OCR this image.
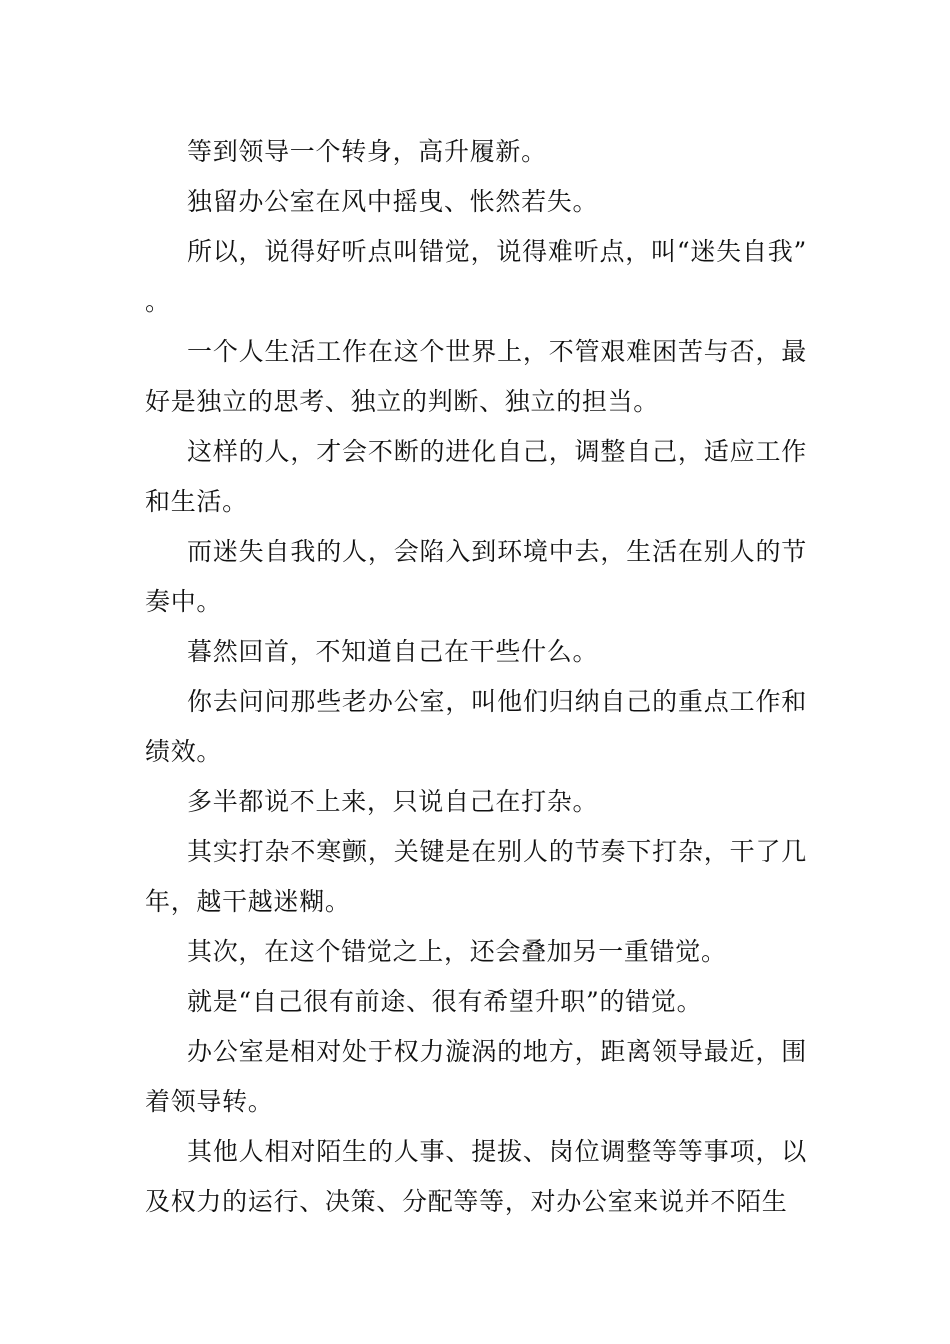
等到领导一个转身，高升履新。

独留办公室在风中摇曳、怅然若失。

所以，说得好听点叫错觉，说得难听点，叫“迷失自我”。

一个人生活工作在这个世界上，不管艰难困苦与否，最好是独立的思考、独立的判断、独立的担当。

这样的人，才会不断的进化自己，调整自己，适应工作和生活。

而迷失自我的人，会陷入到环境中去，生活在别人的节奏中。

暮然回首，不知道自己在干些什么。

你去问问那些老办公室，叫他们归纳自己的重点工作和绩效。

多半都说不上来，只说自己在打杂。

其实打杂不寒颤，关键是在别人的节奏下打杂，干了几年，越干越迷糊。

其次，在这个错觉之上，还会叠加另一重错觉。

就是“自己很有前途、很有希望升职”的错觉。

办公室是相对处于权力漩涡的地方，距离领导最近，围着领导转。

其他人相对陌生的人事、提拔、岗位调整等等事项，以及权力的运行、决策、分配等等，对办公室来说并不陌生
